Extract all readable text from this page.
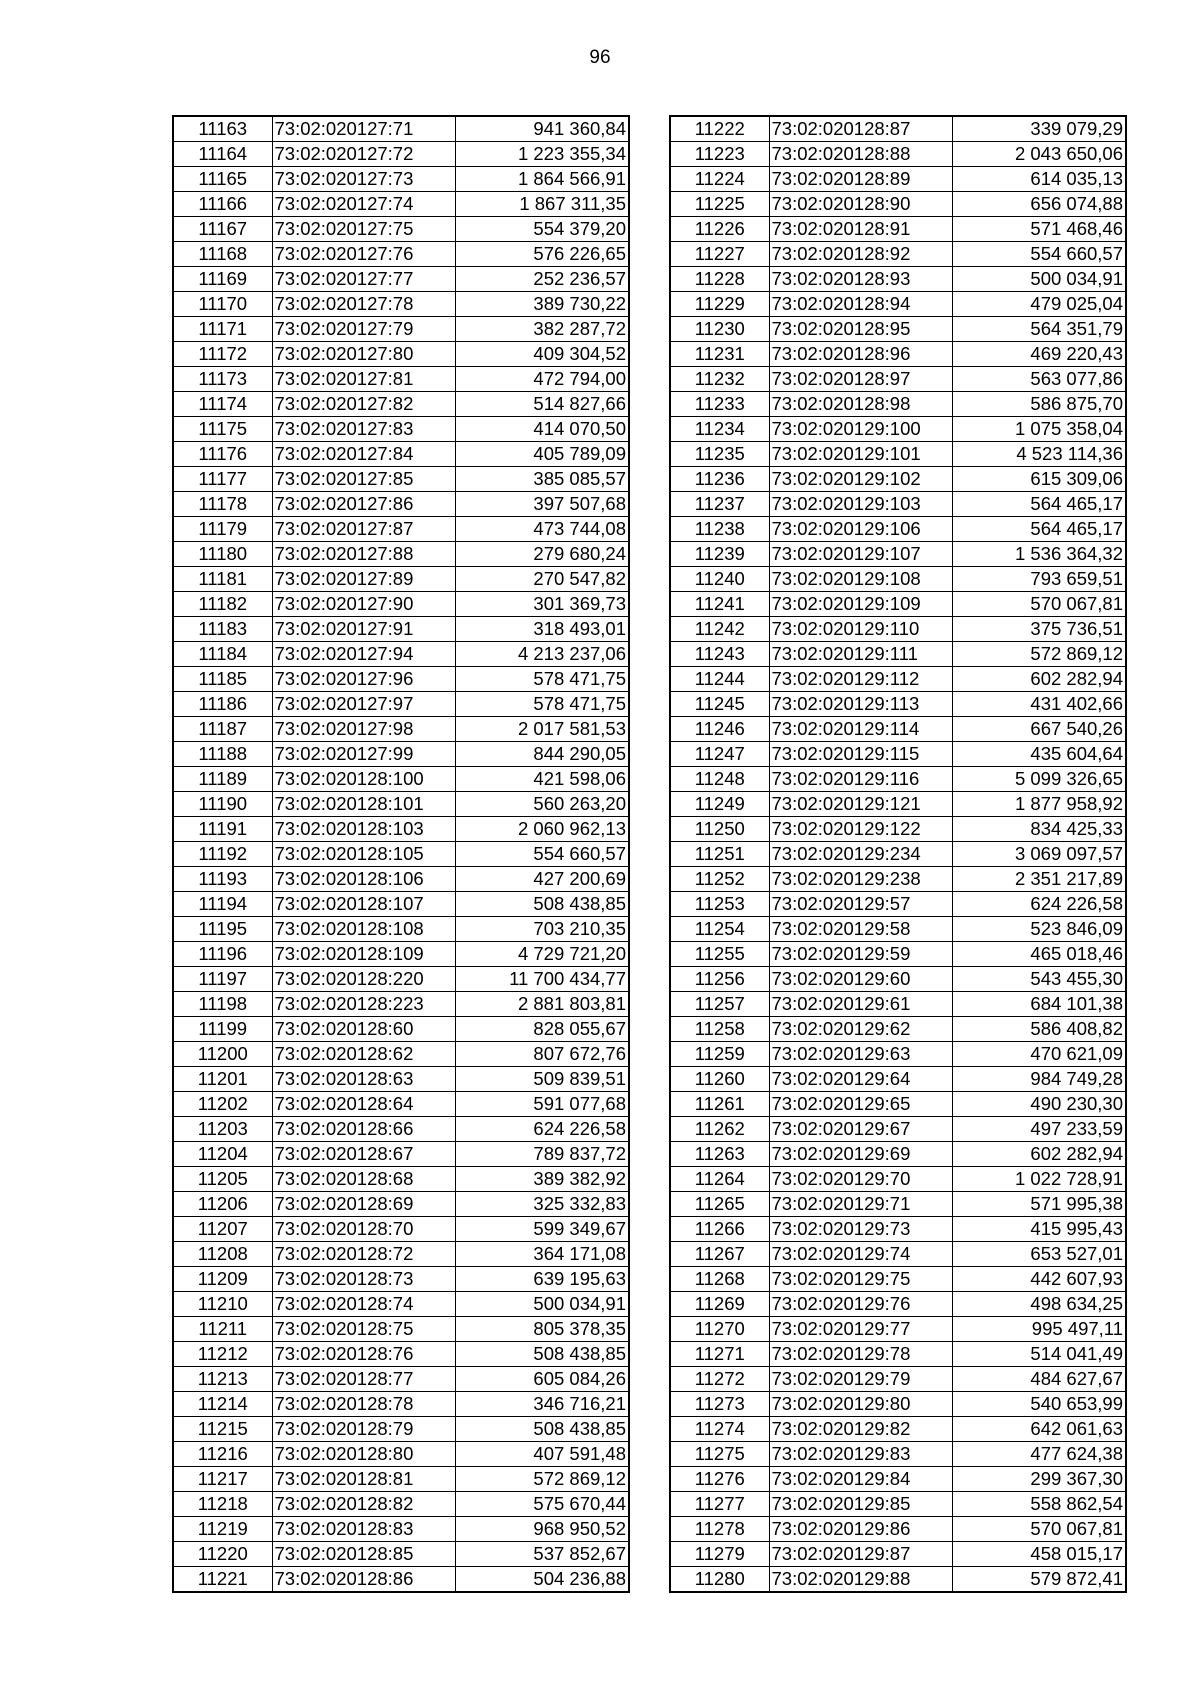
96
11163	73:02:020127:71	941 360,84
11164	73:02:020127:72	1 223 355,34
11165	73:02:020127:73	1 864 566,91
11166	73:02:020127:74	1 867 311,35
11167	73:02:020127:75	554 379,20
11168	73:02:020127:76	576 226,65
11169	73:02:020127:77	252 236,57
11170	73:02:020127:78	389 730,22
11171	73:02:020127:79	382 287,72
11172	73:02:020127:80	409 304,52
11173	73:02:020127:81	472 794,00
11174	73:02:020127:82	514 827,66
11175	73:02:020127:83	414 070,50
11176	73:02:020127:84	405 789,09
11177	73:02:020127:85	385 085,57
11178	73:02:020127:86	397 507,68
11179	73:02:020127:87	473 744,08
11180	73:02:020127:88	279 680,24
11181	73:02:020127:89	270 547,82
11182	73:02:020127:90	301 369,73
11183	73:02:020127:91	318 493,01
11184	73:02:020127:94	4 213 237,06
11185	73:02:020127:96	578 471,75
11186	73:02:020127:97	578 471,75
11187	73:02:020127:98	2 017 581,53
11188	73:02:020127:99	844 290,05
11189	73:02:020128:100	421 598,06
11190	73:02:020128:101	560 263,20
11191	73:02:020128:103	2 060 962,13
11192	73:02:020128:105	554 660,57
11193	73:02:020128:106	427 200,69
11194	73:02:020128:107	508 438,85
11195	73:02:020128:108	703 210,35
11196	73:02:020128:109	4 729 721,20
11197	73:02:020128:220	11 700 434,77
11198	73:02:020128:223	2 881 803,81
11199	73:02:020128:60	828 055,67
11200	73:02:020128:62	807 672,76
11201	73:02:020128:63	509 839,51
11202	73:02:020128:64	591 077,68
11203	73:02:020128:66	624 226,58
11204	73:02:020128:67	789 837,72
11205	73:02:020128:68	389 382,92
11206	73:02:020128:69	325 332,83
11207	73:02:020128:70	599 349,67
11208	73:02:020128:72	364 171,08
11209	73:02:020128:73	639 195,63
11210	73:02:020128:74	500 034,91
11211	73:02:020128:75	805 378,35
11212	73:02:020128:76	508 438,85
11213	73:02:020128:77	605 084,26
11214	73:02:020128:78	346 716,21
11215	73:02:020128:79	508 438,85
11216	73:02:020128:80	407 591,48
11217	73:02:020128:81	572 869,12
11218	73:02:020128:82	575 670,44
11219	73:02:020128:83	968 950,52
11220	73:02:020128:85	537 852,67
11221	73:02:020128:86	504 236,88
11222	73:02:020128:87	339 079,29
11223	73:02:020128:88	2 043 650,06
11224	73:02:020128:89	614 035,13
11225	73:02:020128:90	656 074,88
11226	73:02:020128:91	571 468,46
11227	73:02:020128:92	554 660,57
11228	73:02:020128:93	500 034,91
11229	73:02:020128:94	479 025,04
11230	73:02:020128:95	564 351,79
11231	73:02:020128:96	469 220,43
11232	73:02:020128:97	563 077,86
11233	73:02:020128:98	586 875,70
11234	73:02:020129:100	1 075 358,04
11235	73:02:020129:101	4 523 114,36
11236	73:02:020129:102	615 309,06
11237	73:02:020129:103	564 465,17
11238	73:02:020129:106	564 465,17
11239	73:02:020129:107	1 536 364,32
11240	73:02:020129:108	793 659,51
11241	73:02:020129:109	570 067,81
11242	73:02:020129:110	375 736,51
11243	73:02:020129:111	572 869,12
11244	73:02:020129:112	602 282,94
11245	73:02:020129:113	431 402,66
11246	73:02:020129:114	667 540,26
11247	73:02:020129:115	435 604,64
11248	73:02:020129:116	5 099 326,65
11249	73:02:020129:121	1 877 958,92
11250	73:02:020129:122	834 425,33
11251	73:02:020129:234	3 069 097,57
11252	73:02:020129:238	2 351 217,89
11253	73:02:020129:57	624 226,58
11254	73:02:020129:58	523 846,09
11255	73:02:020129:59	465 018,46
11256	73:02:020129:60	543 455,30
11257	73:02:020129:61	684 101,38
11258	73:02:020129:62	586 408,82
11259	73:02:020129:63	470 621,09
11260	73:02:020129:64	984 749,28
11261	73:02:020129:65	490 230,30
11262	73:02:020129:67	497 233,59
11263	73:02:020129:69	602 282,94
11264	73:02:020129:70	1 022 728,91
11265	73:02:020129:71	571 995,38
11266	73:02:020129:73	415 995,43
11267	73:02:020129:74	653 527,01
11268	73:02:020129:75	442 607,93
11269	73:02:020129:76	498 634,25
11270	73:02:020129:77	995 497,11
11271	73:02:020129:78	514 041,49
11272	73:02:020129:79	484 627,67
11273	73:02:020129:80	540 653,99
11274	73:02:020129:82	642 061,63
11275	73:02:020129:83	477 624,38
11276	73:02:020129:84	299 367,30
11277	73:02:020129:85	558 862,54
11278	73:02:020129:86	570 067,81
11279	73:02:020129:87	458 015,17
11280	73:02:020129:88	579 872,41
